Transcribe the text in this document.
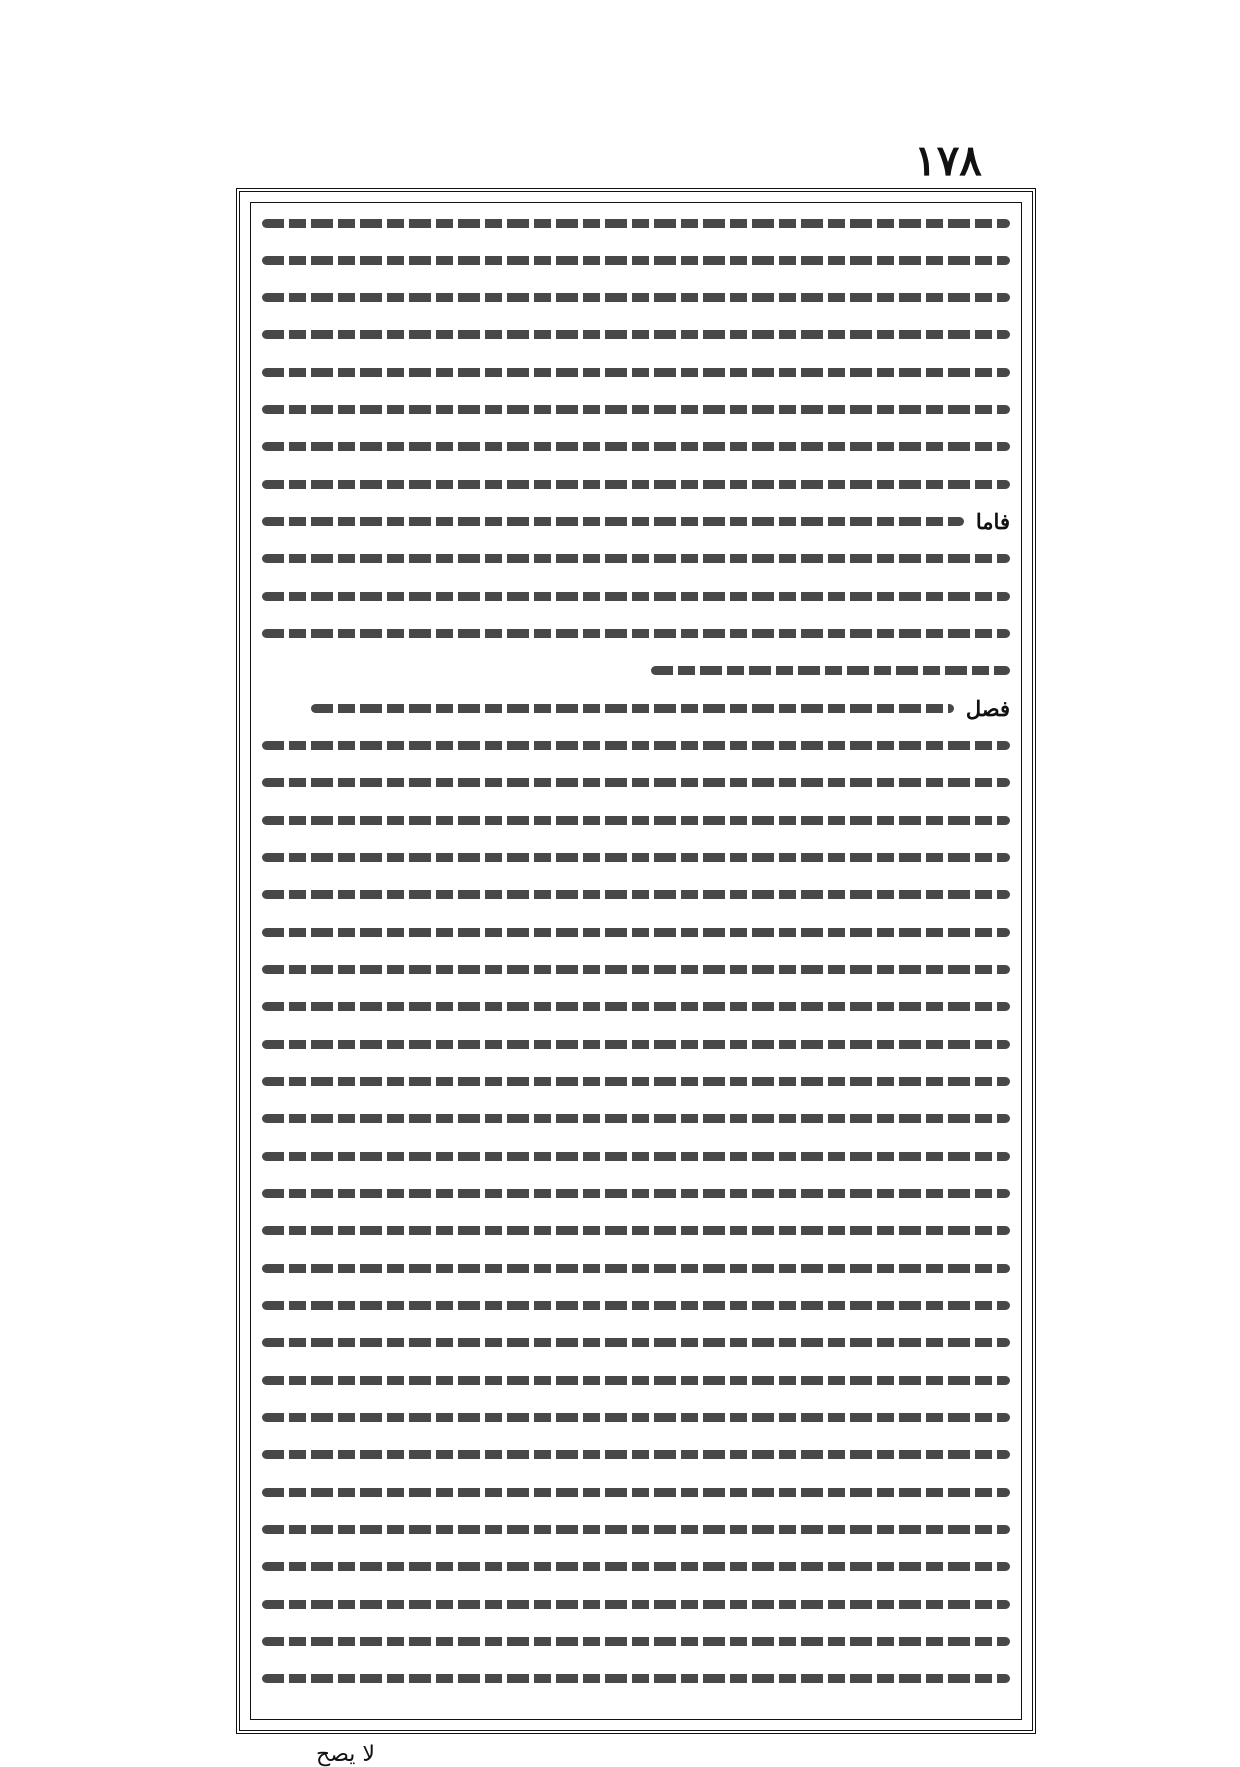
١٧٨
فاما
فصل
لا يصح
